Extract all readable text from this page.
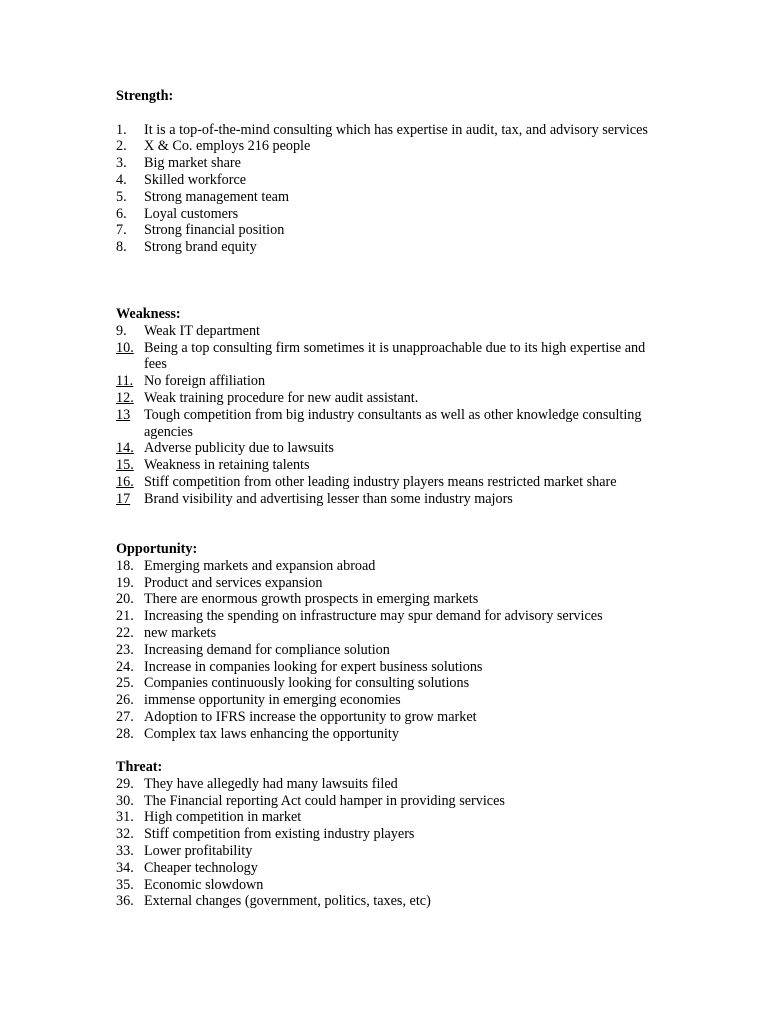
Strength:

1.	It is a top-of-the-mind consulting which has expertise in audit, tax, and advisory services
2.	X & Co. employs 216 people
3.	Big market share
4.	Skilled workforce
5.	Strong management team
6.	Loyal customers
7.	Strong financial position
8.	Strong brand equity

Weakness:

9.	Weak IT department
10. Being a top consulting firm sometimes it is unapproachable due to its high expertise and fees
11. No foreign affiliation
12. Weak training procedure for new audit assistant.
13 Tough competition from big industry consultants as well as other knowledge consulting agencies
14. Adverse publicity due to lawsuits
15. Weakness in retaining talents
16. Stiff competition from other leading industry players means restricted market share
17 Brand visibility and advertising lesser than some industry majors

Opportunity:

18. Emerging markets and expansion abroad
19. Product and services expansion
20. There are enormous growth prospects in emerging markets
21. Increasing the spending on infrastructure may spur demand for advisory services
22. new markets
23. Increasing demand for compliance solution
24. Increase in companies looking for expert business solutions
25. Companies continuously looking for consulting solutions
26. immense opportunity in emerging economies
27. Adoption to IFRS increase the opportunity to grow market
28. Complex tax laws enhancing the opportunity

Threat:

29. They have allegedly had many lawsuits filed
30. The Financial reporting Act could hamper in providing services
31. High competition in market
32. Stiff competition from existing industry players
33. Lower profitability
34. Cheaper technology
35. Economic slowdown
36. External changes (government, politics, taxes, etc)
